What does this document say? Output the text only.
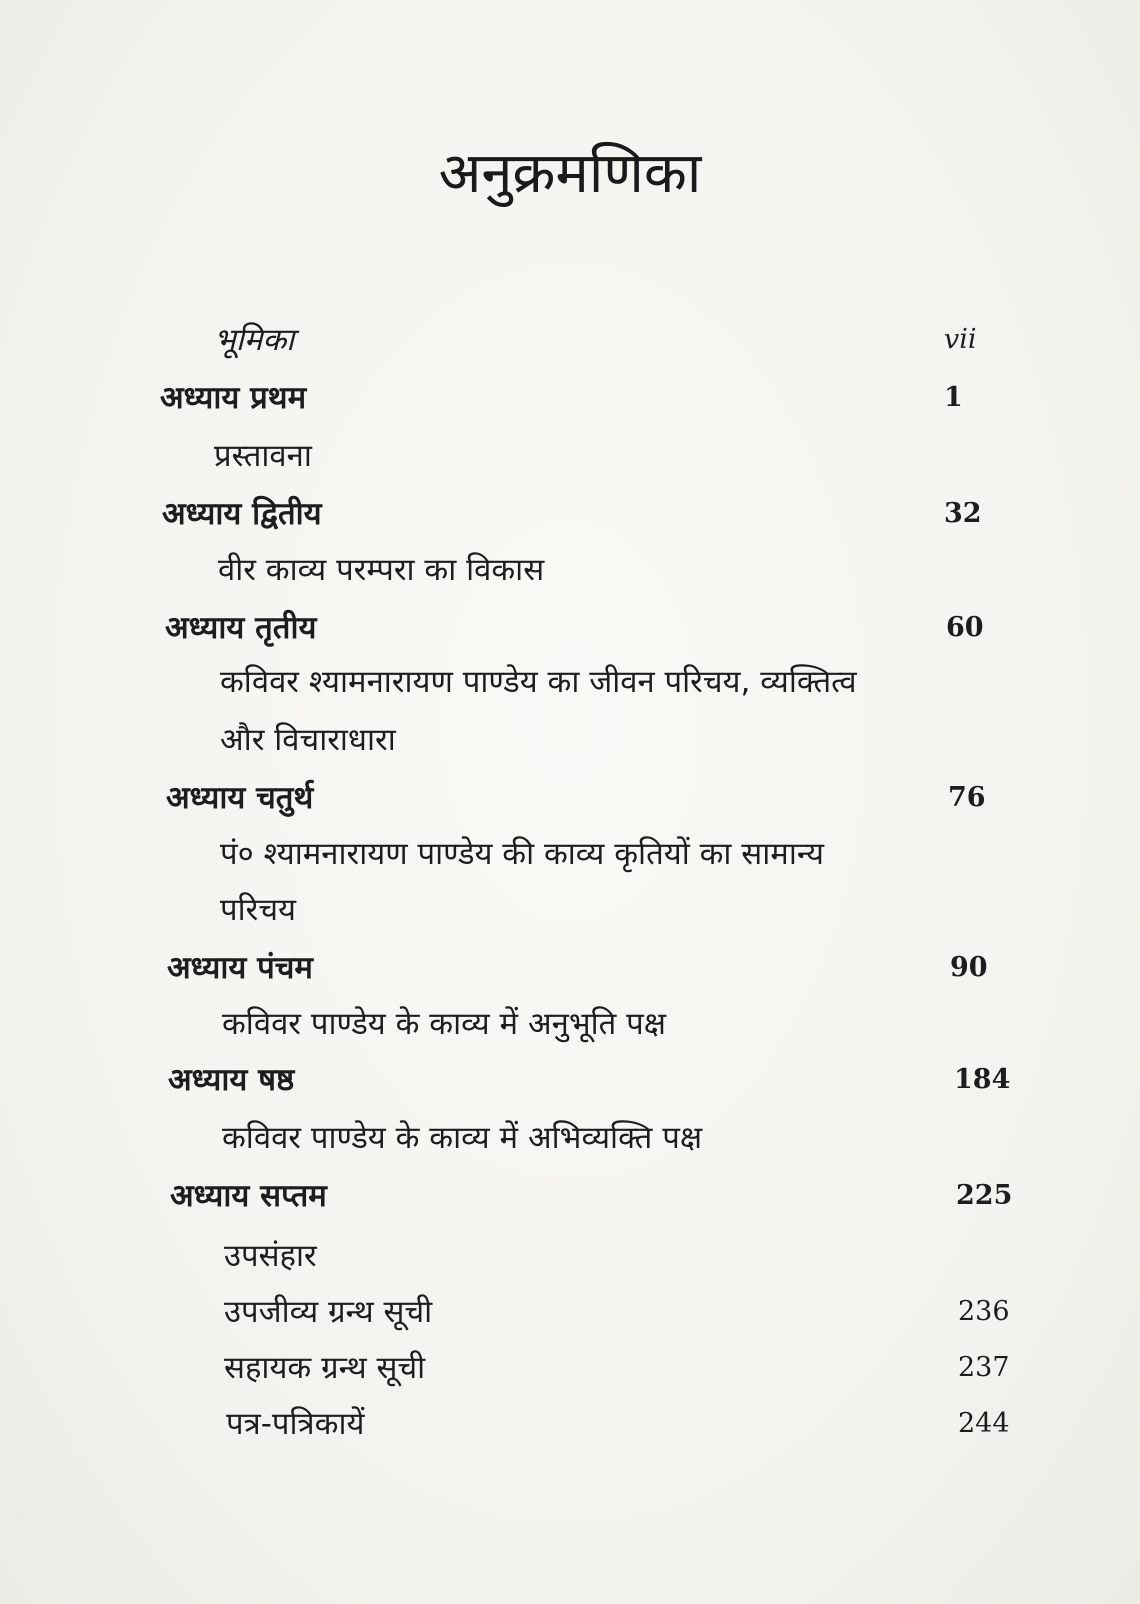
अनुक्रमणिका
भूमिका	vii
अध्याय प्रथम	1
प्रस्तावना
अध्याय द्वितीय	32
वीर काव्य परम्परा का विकास
अध्याय तृतीय	60
कविवर श्यामनारायण पाण्डेय का जीवन परिचय, व्यक्तित्व
और विचाराधारा
अध्याय चतुर्थ	76
पं० श्यामनारायण पाण्डेय की काव्य कृतियों का सामान्य
परिचय
अध्याय पंचम	90
कविवर पाण्डेय के काव्य में अनुभूति पक्ष
अध्याय षष्ठ	184
कविवर पाण्डेय के काव्य में अभिव्यक्ति पक्ष
अध्याय सप्तम	225
उपसंहार
उपजीव्य ग्रन्थ सूची	236
सहायक ग्रन्थ सूची	237
पत्र-पत्रिकायें	244
